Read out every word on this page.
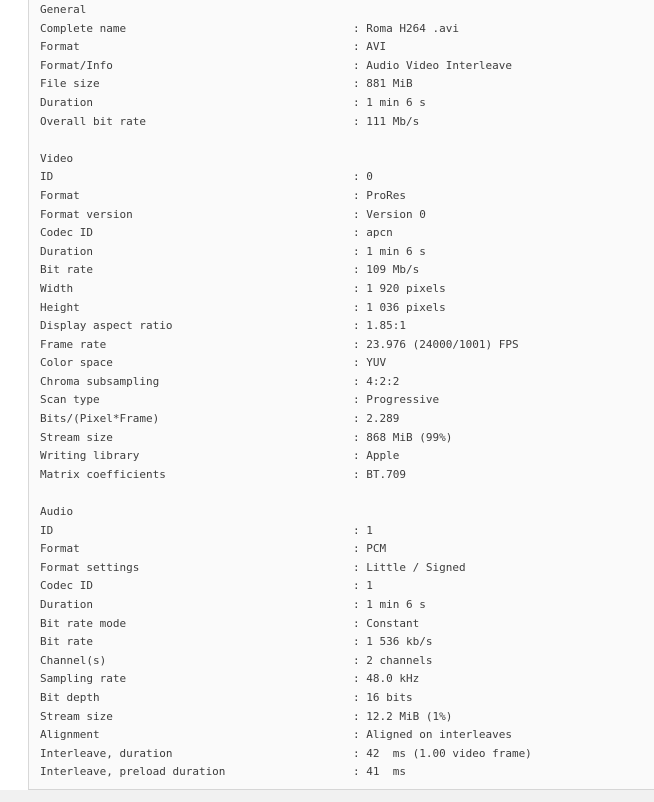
General
Complete name	: Roma H264 .avi
Format	: AVI
Format/Info	: Audio Video Interleave
File size	: 881 MiB
Duration	: 1 min 6 s
Overall bit rate	: 111 Mb/s
Video
ID	: 0
Format	: ProRes
Format version	: Version 0
Codec ID	: apcn
Duration	: 1 min 6 s
Bit rate	: 109 Mb/s
Width	: 1 920 pixels
Height	: 1 036 pixels
Display aspect ratio	: 1.85:1
Frame rate	: 23.976 (24000/1001) FPS
Color space	: YUV
Chroma subsampling	: 4:2:2
Scan type	: Progressive
Bits/(Pixel*Frame)	: 2.289
Stream size	: 868 MiB (99%)
Writing library	: Apple
Matrix coefficients	: BT.709
Audio
ID	: 1
Format	: PCM
Format settings	: Little / Signed
Codec ID	: 1
Duration	: 1 min 6 s
Bit rate mode	: Constant
Bit rate	: 1 536 kb/s
Channel(s)	: 2 channels
Sampling rate	: 48.0 kHz
Bit depth	: 16 bits
Stream size	: 12.2 MiB (1%)
Alignment	: Aligned on interleaves
Interleave, duration	: 42  ms (1.00 video frame)
Interleave, preload duration	: 41  ms
